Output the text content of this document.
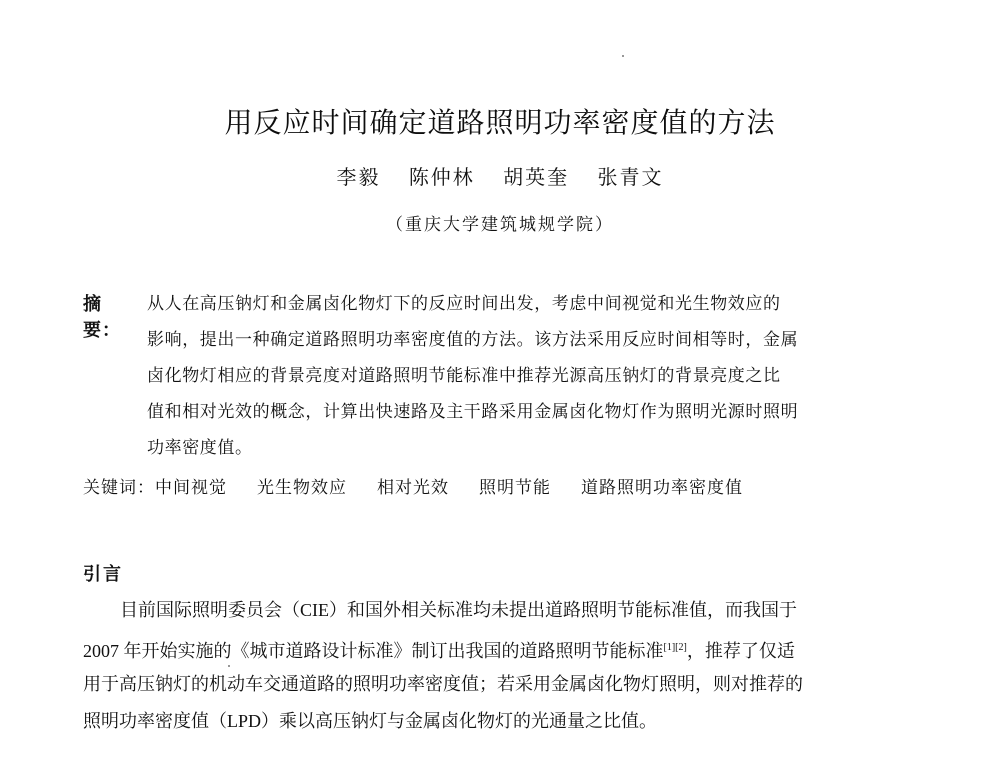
用反应时间确定道路照明功率密度值的方法
李毅 陈仲林 胡英奎 张青文
（重庆大学建筑城规学院）
摘 要：
从人在高压钠灯和金属卤化物灯下的反应时间出发，考虑中间视觉和光生物效应的
影响，提出一种确定道路照明功率密度值的方法。该方法采用反应时间相等时，金属
卤化物灯相应的背景亮度对道路照明节能标准中推荐光源高压钠灯的背景亮度之比
值和相对光效的概念，计算出快速路及主干路采用金属卤化物灯作为照明光源时照明
功率密度值。
关键词：中间视觉 光生物效应 相对光效 照明节能 道路照明功率密度值
引言
目前国际照明委员会（CIE）和国外相关标准均未提出道路照明节能标准值，而我国于
2007 年开始实施的《城市道路设计标准》制订出我国的道路照明节能标准[1][2]，推荐了仅适
用于高压钠灯的机动车交通道路的照明功率密度值；若采用金属卤化物灯照明，则对推荐的
照明功率密度值（LPD）乘以高压钠灯与金属卤化物灯的光通量之比值。
